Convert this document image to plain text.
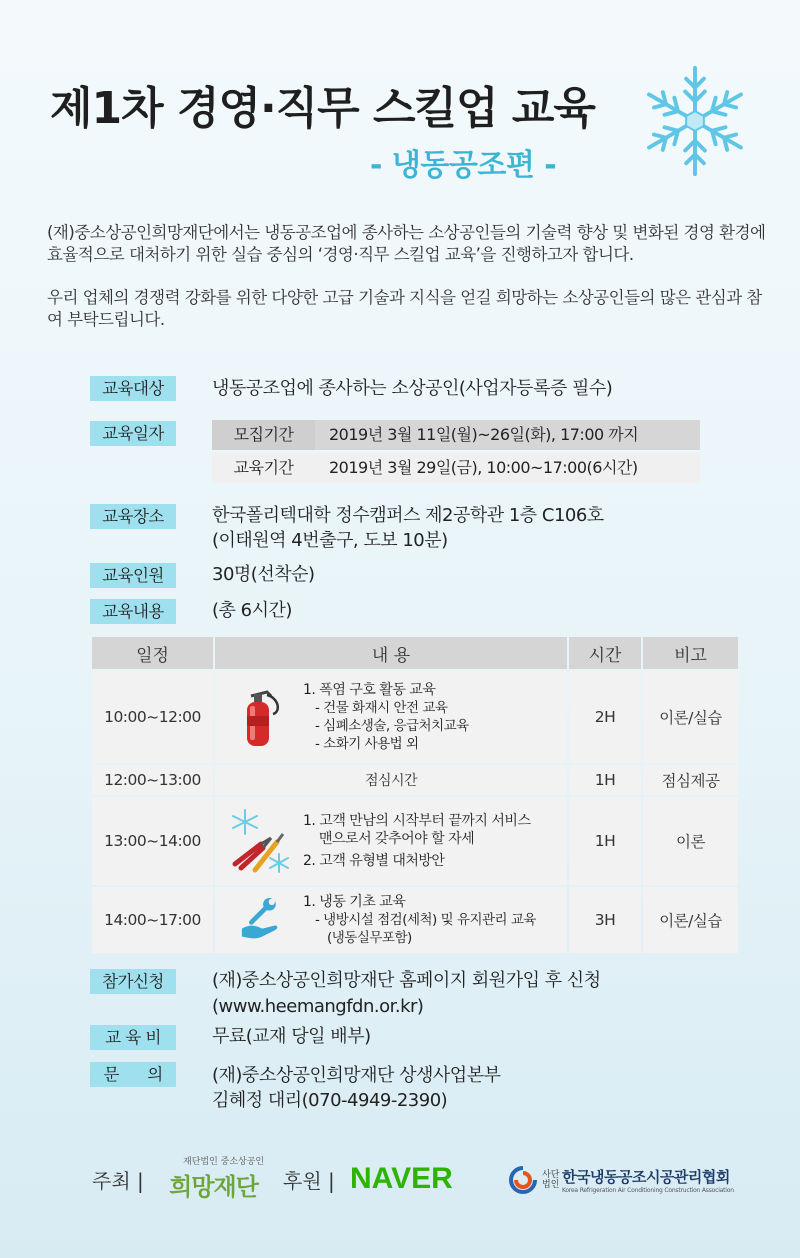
제1차 경영·직무 스킬업 교육
- 냉동공조편 -

(재)중소상공인희망재단에서는 냉동공조업에 종사하는 소상공인들의 기술력 향상 및 변화된 경영 환경에 효율적으로 대처하기 위한 실습 중심의 ‘경영·직무 스킬업 교육’을 진행하고자 합니다.

우리 업체의 경쟁력 강화를 위한 다양한 고급 기술과 지식을 얻길 희망하는 소상공인들의 많은 관심과 참여 부탁드립니다.

교육대상	냉동공조업에 종사하는 소상공인(사업자등록증 필수)
교육일자	모집기간	2019년 3월 11일(월)~26일(화), 17:00 까지
교육기간	2019년 3월 29일(금), 10:00~17:00(6시간)
교육장소	한국폴리텍대학 정수캠퍼스 제2공학관 1층 C106호
(이태원역 4번출구, 도보 10분)
교육인원	30명(선착순)
교육내용	(총 6시간)
일정	내 용	시간	비고
10:00~12:00	1. 폭염 구호 활동 교육
- 건물 화재시 안전 교육
- 심폐소생술, 응급처치교육
- 소화기 사용법 외	2H	이론/실습
12:00~13:00	점심시간	1H	점심제공
13:00~14:00	1. 고객 만남의 시작부터 끝까지 서비스
맨으로서 갖추어야 할 자세
2. 고객 유형별 대처방안	1H	이론
14:00~17:00	1. 냉동 기초 교육
- 냉방시설 점검(세척) 및 유지관리 교육
(냉동실무포함)	3H	이론/실습
참가신청	(재)중소상공인희망재단 홈페이지 회원가입 후 신청
(www.heemangfdn.or.kr)
교 육 비	무료(교재 당일 배부)
문      의	(재)중소상공인희망재단 상생사업본부
김혜정 대리(070-4949-2390)
주최 |
재단법인 중소상공인
희망재단	후원 | NAVER	사단법인 한국냉동공조시공관리협회
Korea Refrigeration Air Conditioning Construction Association
